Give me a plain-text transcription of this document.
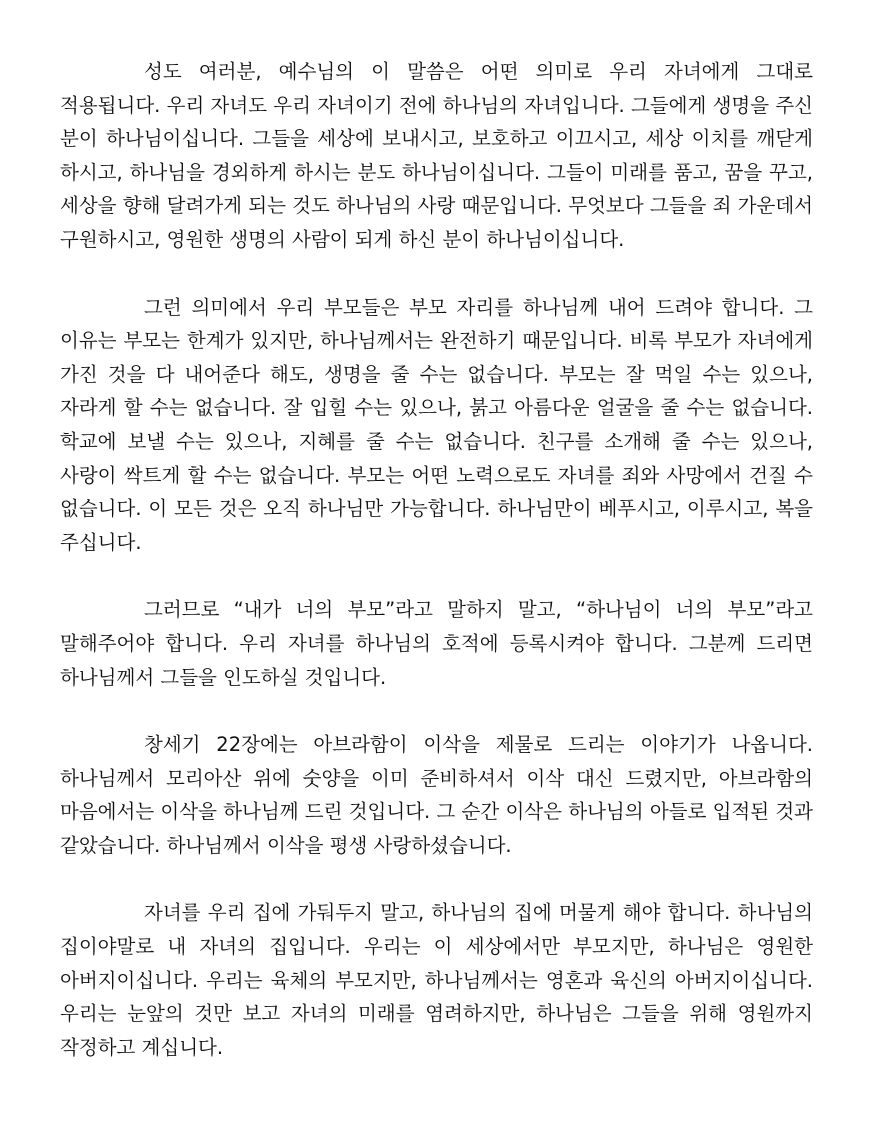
성도 여러분, 예수님의 이 말씀은 어떤 의미로 우리 자녀에게 그대로 적용됩니다. 우리 자녀도 우리 자녀이기 전에 하나님의 자녀입니다. 그들에게 생명을 주신 분이 하나님이십니다. 그들을 세상에 보내시고, 보호하고 이끄시고, 세상 이치를 깨닫게 하시고, 하나님을 경외하게 하시는 분도 하나님이십니다. 그들이 미래를 품고, 꿈을 꾸고, 세상을 향해 달려가게 되는 것도 하나님의 사랑 때문입니다. 무엇보다 그들을 죄 가운데서 구원하시고, 영원한 생명의 사람이 되게 하신 분이 하나님이십니다.

그런 의미에서 우리 부모들은 부모 자리를 하나님께 내어 드려야 합니다. 그 이유는 부모는 한계가 있지만, 하나님께서는 완전하기 때문입니다. 비록 부모가 자녀에게 가진 것을 다 내어준다 해도, 생명을 줄 수는 없습니다. 부모는 잘 먹일 수는 있으나, 자라게 할 수는 없습니다. 잘 입힐 수는 있으나, 붉고 아름다운 얼굴을 줄 수는 없습니다. 학교에 보낼 수는 있으나, 지혜를 줄 수는 없습니다. 친구를 소개해 줄 수는 있으나, 사랑이 싹트게 할 수는 없습니다. 부모는 어떤 노력으로도 자녀를 죄와 사망에서 건질 수 없습니다. 이 모든 것은 오직 하나님만 가능합니다. 하나님만이 베푸시고, 이루시고, 복을 주십니다.

그러므로 “내가 너의 부모”라고 말하지 말고, “하나님이 너의 부모”라고 말해주어야 합니다. 우리 자녀를 하나님의 호적에 등록시켜야 합니다. 그분께 드리면 하나님께서 그들을 인도하실 것입니다.

창세기 22장에는 아브라함이 이삭을 제물로 드리는 이야기가 나옵니다. 하나님께서 모리아산 위에 숫양을 이미 준비하셔서 이삭 대신 드렸지만, 아브라함의 마음에서는 이삭을 하나님께 드린 것입니다. 그 순간 이삭은 하나님의 아들로 입적된 것과 같았습니다. 하나님께서 이삭을 평생 사랑하셨습니다.

자녀를 우리 집에 가둬두지 말고, 하나님의 집에 머물게 해야 합니다. 하나님의 집이야말로 내 자녀의 집입니다. 우리는 이 세상에서만 부모지만, 하나님은 영원한 아버지이십니다. 우리는 육체의 부모지만, 하나님께서는 영혼과 육신의 아버지이십니다. 우리는 눈앞의 것만 보고 자녀의 미래를 염려하지만, 하나님은 그들을 위해 영원까지 작정하고 계십니다.
